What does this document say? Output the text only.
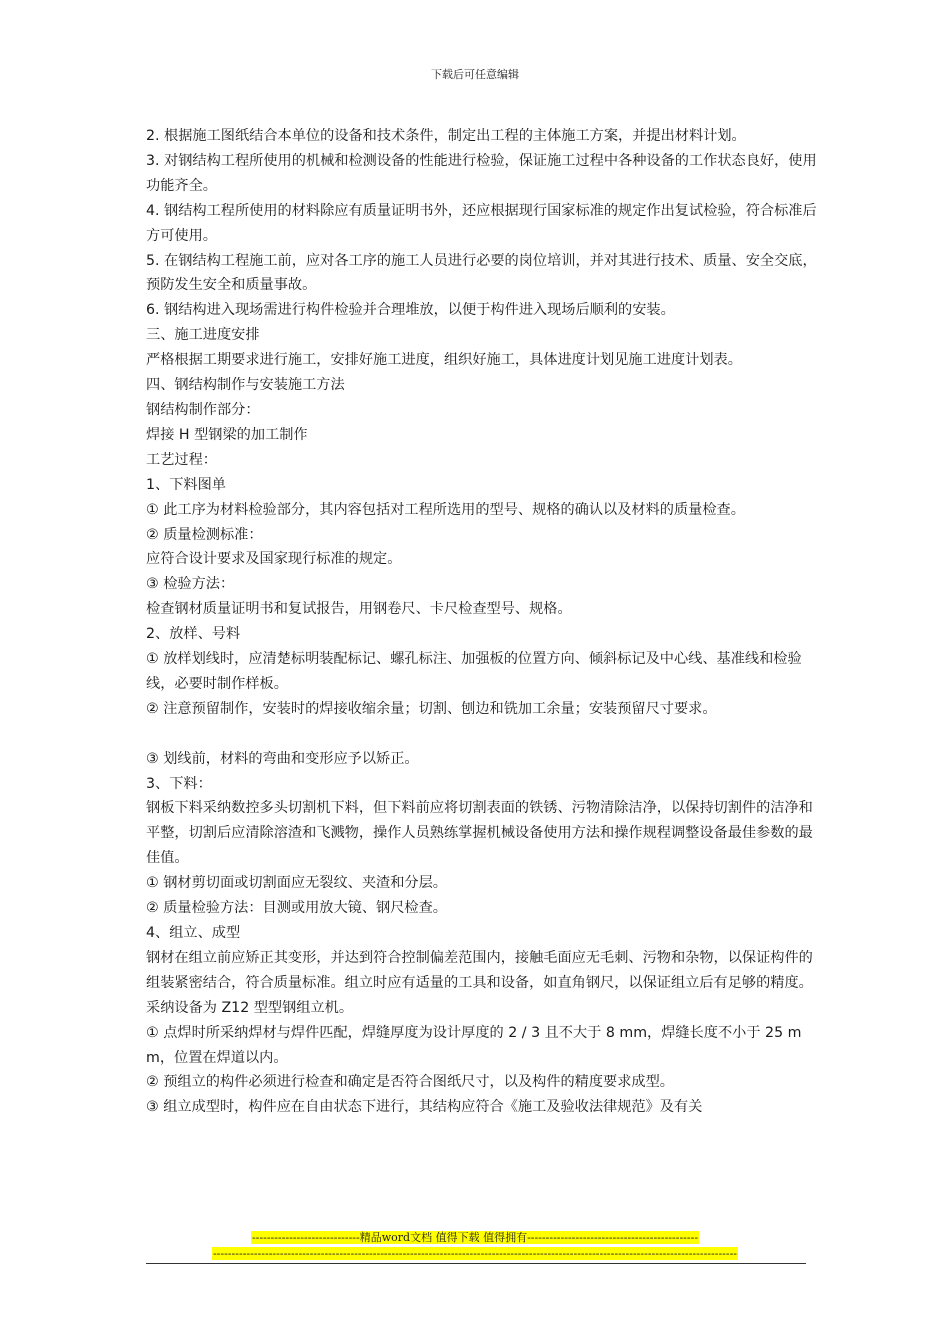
下载后可任意编辑

2. 根据施工图纸结合本单位的设备和技术条件，制定出工程的主体施工方案，并提出材料计划。

3. 对钢结构工程所使用的机械和检测设备的性能进行检验，保证施工过程中各种设备的工作状态良好，使用功能齐全。

4. 钢结构工程所使用的材料除应有质量证明书外，还应根据现行国家标准的规定作出复试检验，符合标准后方可使用。

5. 在钢结构工程施工前，应对各工序的施工人员进行必要的岗位培训，并对其进行技术、质量、安全交底，预防发生安全和质量事故。

6. 钢结构进入现场需进行构件检验并合理堆放，以便于构件进入现场后顺利的安装。

三、施工进度安排

严格根据工期要求进行施工，安排好施工进度，组织好施工，具体进度计划见施工进度计划表。

四、钢结构制作与安装施工方法

钢结构制作部分：

焊接 H 型钢梁的加工制作

工艺过程：

1、下料图单

① 此工序为材料检验部分，其内容包括对工程所选用的型号、规格的确认以及材料的质量检查。

② 质量检测标准：

应符合设计要求及国家现行标准的规定。

③ 检验方法：

检查钢材质量证明书和复试报告，用钢卷尺、卡尺检查型号、规格。

2、放样、号料

① 放样划线时，应清楚标明装配标记、螺孔标注、加强板的位置方向、倾斜标记及中心线、基准线和检验线，必要时制作样板。

② 注意预留制作，安装时的焊接收缩余量；切割、刨边和铣加工余量；安装预留尺寸要求。

③ 划线前，材料的弯曲和变形应予以矫正。

3、下料：

钢板下料采纳数控多头切割机下料，但下料前应将切割表面的铁锈、污物清除洁净，以保持切割件的洁净和平整，切割后应清除溶渣和飞溅物，操作人员熟练掌握机械设备使用方法和操作规程调整设备最佳参数的最佳值。

① 钢材剪切面或切割面应无裂纹、夹渣和分层。

② 质量检验方法：目测或用放大镜、钢尺检查。

4、组立、成型

钢材在组立前应矫正其变形，并达到符合控制偏差范围内，接触毛面应无毛刺、污物和杂物，以保证构件的组装紧密结合，符合质量标准。组立时应有适量的工具和设备，如直角钢尺，以保证组立后有足够的精度。

采纳设备为 Z12 型型钢组立机。

① 点焊时所采纳焊材与焊件匹配，焊缝厚度为设计厚度的 2 / 3 且不大于 8 mm，焊缝长度不小于 25 mm，位置在焊道以内。

② 预组立的构件必须进行检查和确定是否符合图纸尺寸，以及构件的精度要求成型。

③ 组立成型时，构件应在自由状态下进行，其结构应符合《施工及验收法律规范》及有关

-----------------------------精品word文档 值得下载 值得拥有----------------------------------------------
---------------------------------------------------------------------------------------------------------------------------------------------
